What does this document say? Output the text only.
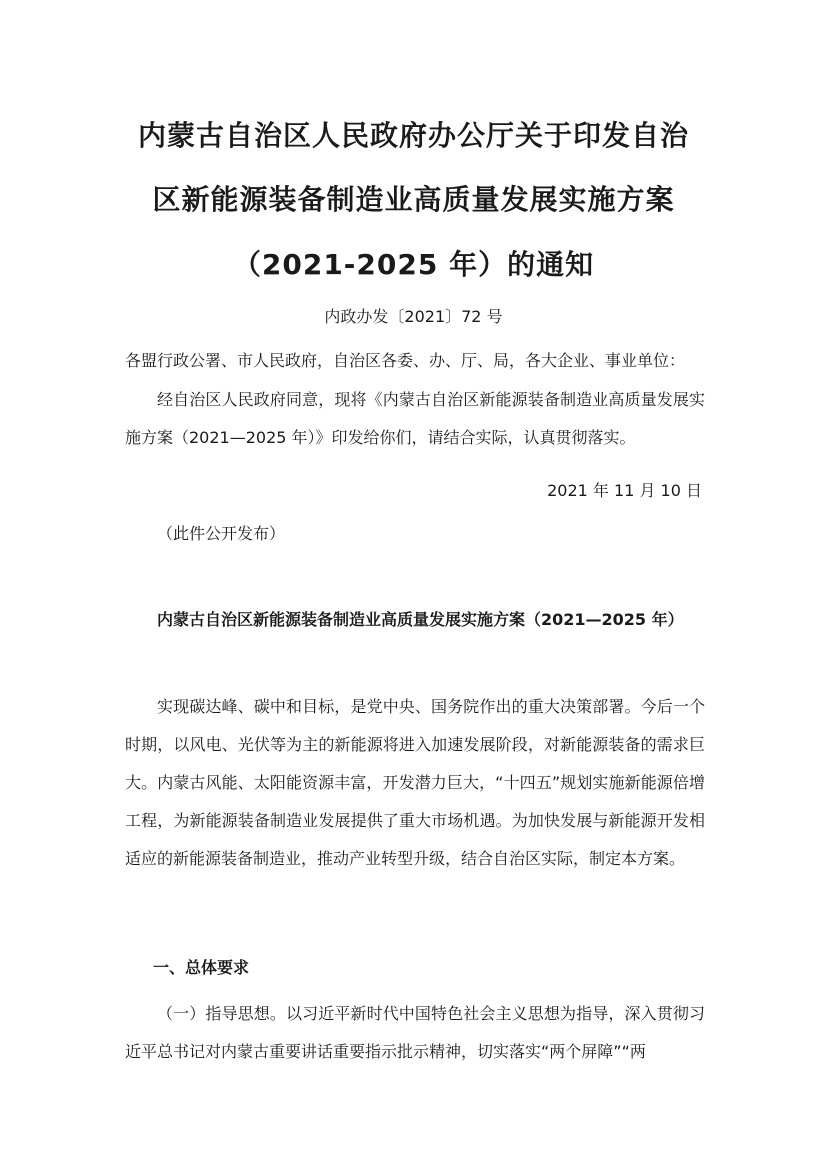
内蒙古自治区人民政府办公厅关于印发自治
区新能源装备制造业高质量发展实施方案
（2021-2025 年）的通知
内政办发〔2021〕72 号
各盟行政公署、市人民政府，自治区各委、办、厅、局，各大企业、事业单位：
经自治区人民政府同意，现将《内蒙古自治区新能源装备制造业高质量发展实施方案（2021—2025 年）》印发给你们，请结合实际，认真贯彻落实。
2021 年 11 月 10 日
（此件公开发布）
内蒙古自治区新能源装备制造业高质量发展实施方案（2021—2025 年）
实现碳达峰、碳中和目标，是党中央、国务院作出的重大决策部署。今后一个时期，以风电、光伏等为主的新能源将进入加速发展阶段，对新能源装备的需求巨大。内蒙古风能、太阳能资源丰富，开发潜力巨大，“十四五”规划实施新能源倍增工程，为新能源装备制造业发展提供了重大市场机遇。为加快发展与新能源开发相适应的新能源装备制造业，推动产业转型升级，结合自治区实际，制定本方案。
一、总体要求
（一）指导思想。以习近平新时代中国特色社会主义思想为指导，深入贯彻习近平总书记对内蒙古重要讲话重要指示批示精神，切实落实“两个屏障”“两
